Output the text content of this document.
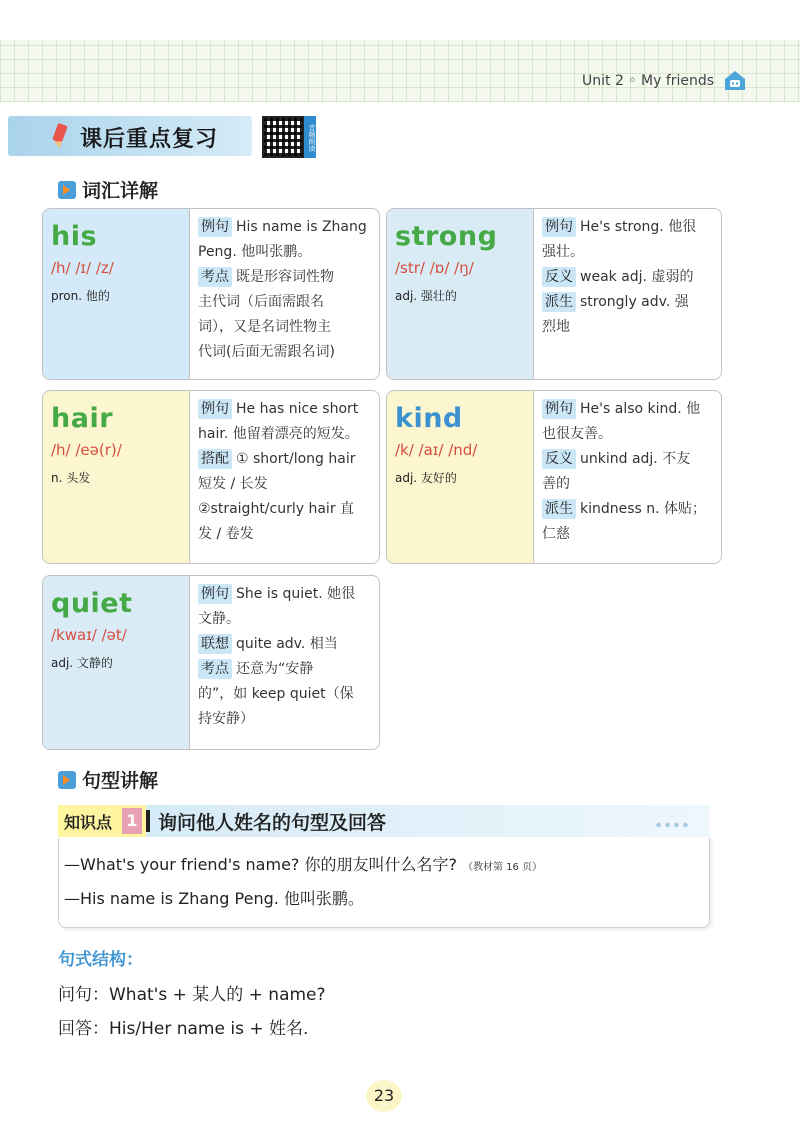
Unit 2 ◦ My friends
课后重点复习	音频朗读
词汇详解
his
/h/ /ɪ/ /z/
pron. 他的
例句 His name is Zhang
Peng. 他叫张鹏。
考点 既是形容词性物
主代词（后面需跟名
词），又是名词性物主
代词(后面无需跟名词)
strong
/str/ /ɒ/ /ŋ/
adj. 强壮的
例句 He's strong. 他很
强壮。
反义 weak adj. 虚弱的
派生 strongly adv. 强
烈地
hair
/h/ /eə(r)/
n. 头发
例句 He has nice short
hair. 他留着漂亮的短发。
搭配 ① short/long hair
短发 / 长发
②straight/curly hair 直
发 / 卷发
kind
/k/ /aɪ/ /nd/
adj. 友好的
例句 He's also kind. 他
也很友善。
反义 unkind adj. 不友
善的
派生 kindness n. 体贴；
仁慈
quiet
/kwaɪ/ /ət/
adj. 文静的
例句 She is quiet. 她很
文静。
联想 quite adv. 相当
考点 还意为“安静
的”，如 keep quiet（保
持安静）
句型讲解
知识点 1 询问他人姓名的句型及回答
—What's your friend's name? 你的朋友叫什么名字? （教材第 16 页）
—His name is Zhang Peng. 他叫张鹏。
句式结构：
问句：What's + 某人的 + name?
回答：His/Her name is + 姓名.
23
